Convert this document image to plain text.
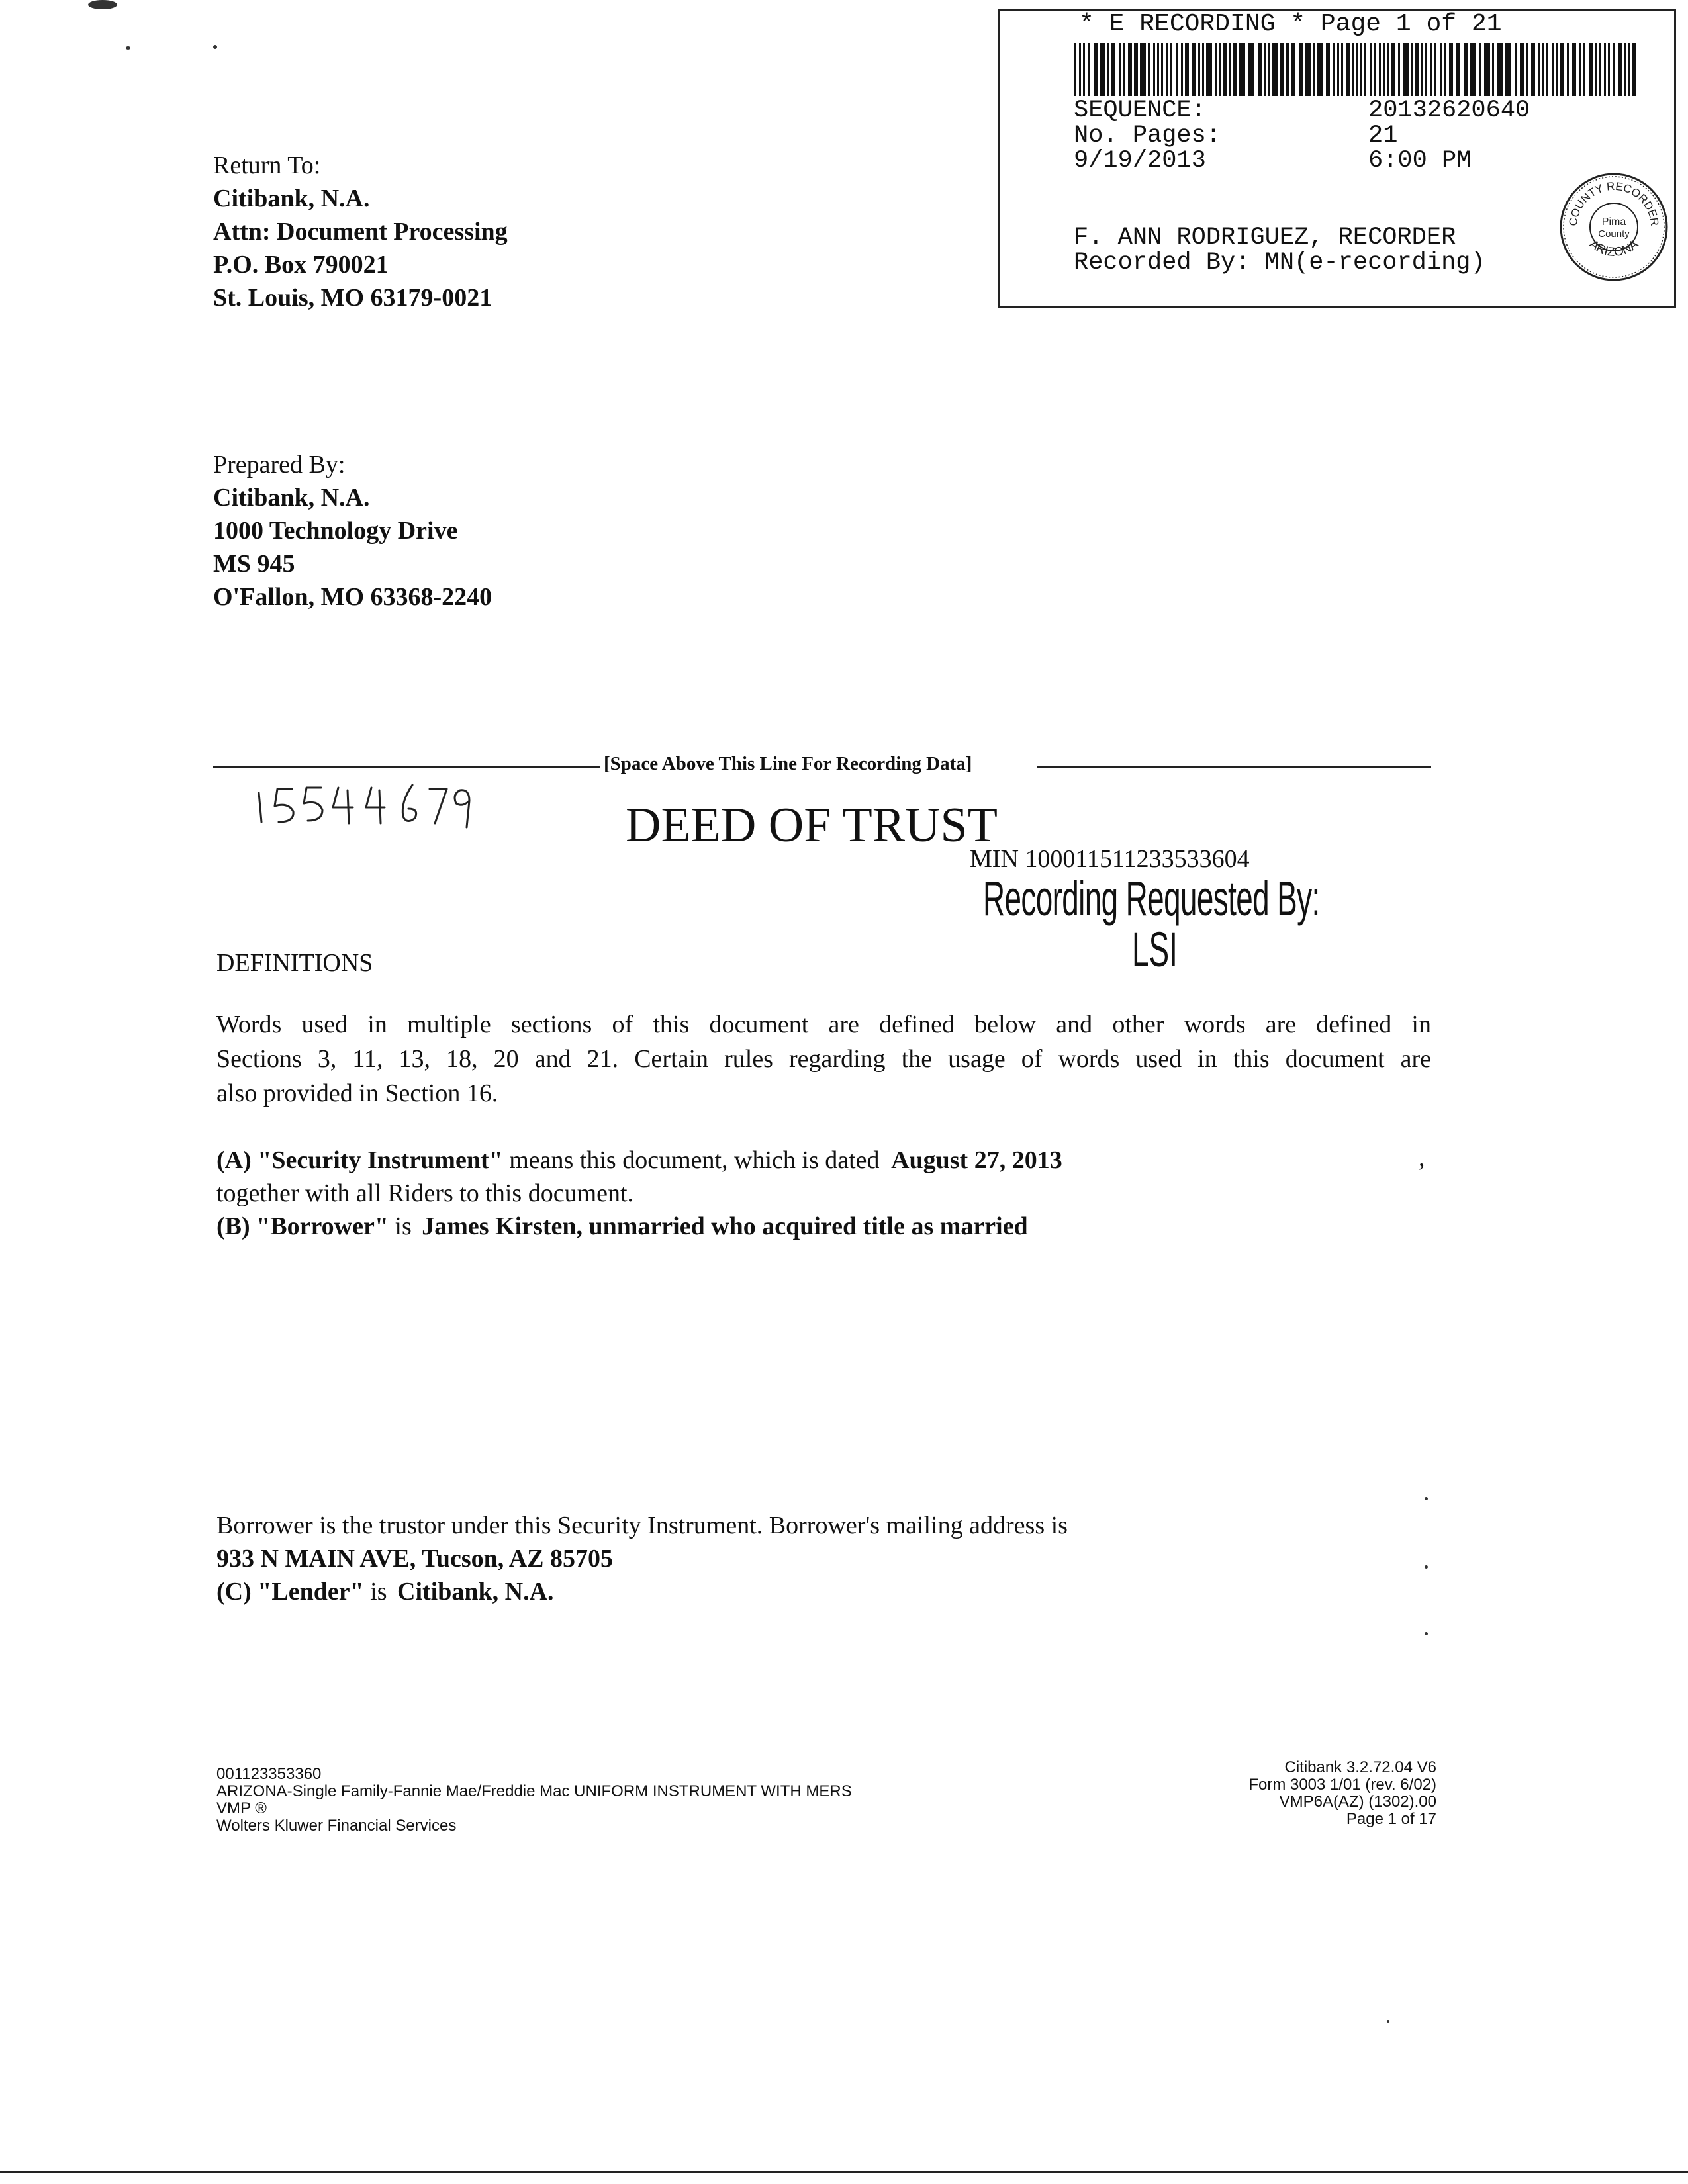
* E RECORDING * Page 1 of 21
SEQUENCE:	20132620640
No. Pages:	21
9/19/2013	6:00 PM
F. ANN RODRIGUEZ, RECORDER
Recorded By: MN(e-recording)
COUNTY RECORDER
ARIZONA
Pima
County
Return To:
Citibank, N.A.
Attn: Document Processing
P.O. Box 790021
St. Louis, MO 63179-0021
Prepared By:
Citibank, N.A.
1000 Technology Drive
MS 945
O'Fallon, MO 63368-2240
[Space Above This Line For Recording Data]
DEED OF TRUST
MIN 100011511233533604
Recording Requested By:
LSI
DEFINITIONS
Words used in multiple sections of this document are defined below and other words are defined in
Sections 3, 11, 13, 18, 20 and 21. Certain rules regarding the usage of words used in this document are
also provided in Section 16.
(A) "Security Instrument" means this document, which is dated August 27, 2013
together with all Riders to this document.
,
(B) "Borrower" is James Kirsten, unmarried who acquired title as married
Borrower is the trustor under this Security Instrument. Borrower's mailing address is
933 N MAIN AVE, Tucson, AZ 85705
(C) "Lender" is Citibank, N.A.
001123353360
ARIZONA-Single Family-Fannie Mae/Freddie Mac UNIFORM INSTRUMENT WITH MERS
VMP ®
Wolters Kluwer Financial Services
Citibank 3.2.72.04 V6
Form 3003 1/01 (rev. 6/02)
VMP6A(AZ) (1302).00
Page 1 of 17
